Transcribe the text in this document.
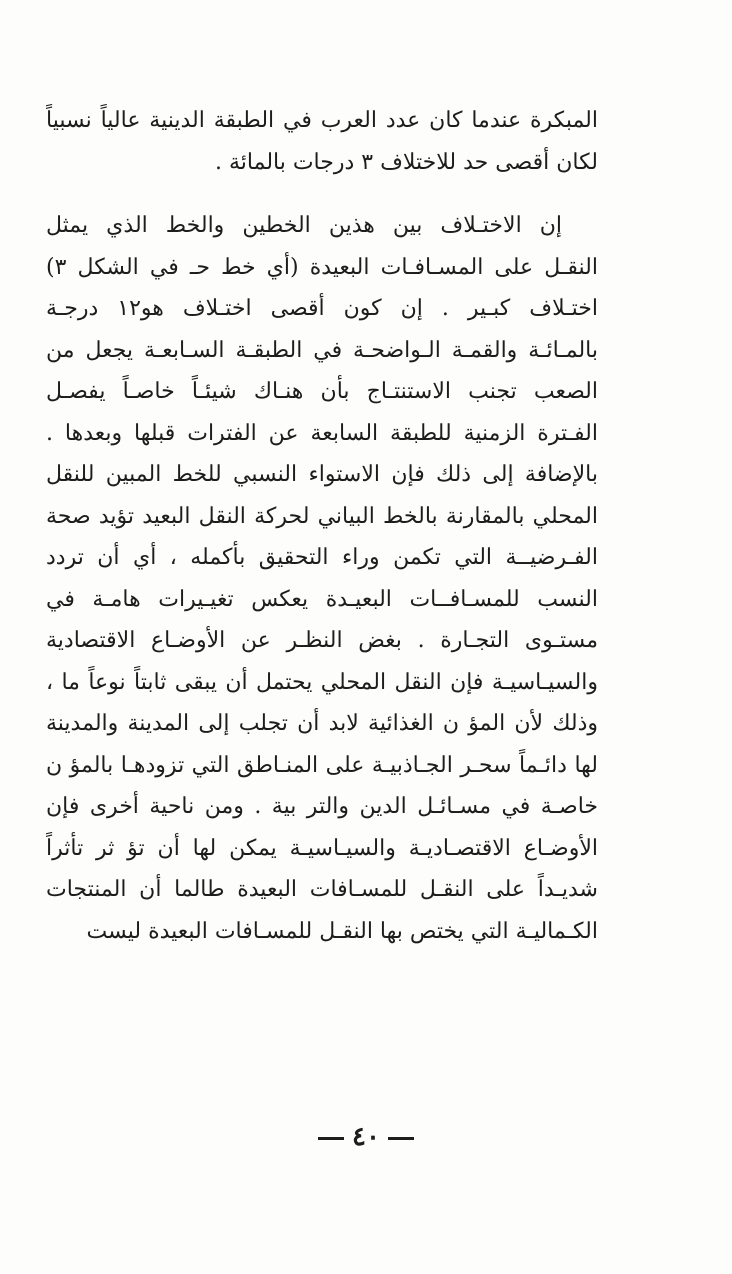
المبكرة عندما كان عدد العرب في الطبقة الدينية عالياً نسبياً
لكان أقصى حد للاختلاف ٣ درجات بالمائة .
إن الاختـلاف بين هذين الخطين والخط الذي يمثل
النقـل على المسـافـات البعيدة (أي خط حـ في الشكل ٣)
اختـلاف كبـير . إن كون أقصى اختـلاف هو١٢ درجـة
بالمـائـة والقمـة الـواضحـة في الطبقـة السـابعـة يجعل من
الصعب تجنب الاستنتـاج بأن هنـاك شيئـاً خاصـاً يفصـل
الفـترة الزمنية للطبقة السابعة عن الفترات قبلها وبعدها .
بالإضافة إلى ذلك فإن الاستواء النسبي للخط المبين للنقل
المحلي بالمقارنة بالخط البياني لحركة النقل البعيد تؤيد صحة
الفـرضيــة التي تكمن وراء التحقيق بأكمله ، أي أن تردد
النسب للمسـافــات البعيـدة يعكس تغيـيرات هامـة في
مستـوى التجـارة . بغض النظـر عن الأوضـاع الاقتصادية
والسيـاسيـة فإن النقل المحلي يحتمل أن يبقى ثابتاً نوعاً ما ،
وذلك لأن المؤ ن الغذائية لابد أن تجلب إلى المدينة والمدينة
لها دائـماً سحـر الجـاذبيـة على المنـاطق التي تزودهـا بالمؤ ن
خاصـة في مسـائـل الدين والتر بية . ومن ناحية أخرى فإن
الأوضـاع الاقتصـاديـة والسيـاسيـة يمكن لها أن تؤ ثر تأثراً
شديـداً على النقـل للمسـافات البعيدة طالما أن المنتجات
الكـماليـة التي يختص بها النقـل للمسـافات البعيدة ليست
٤٠
